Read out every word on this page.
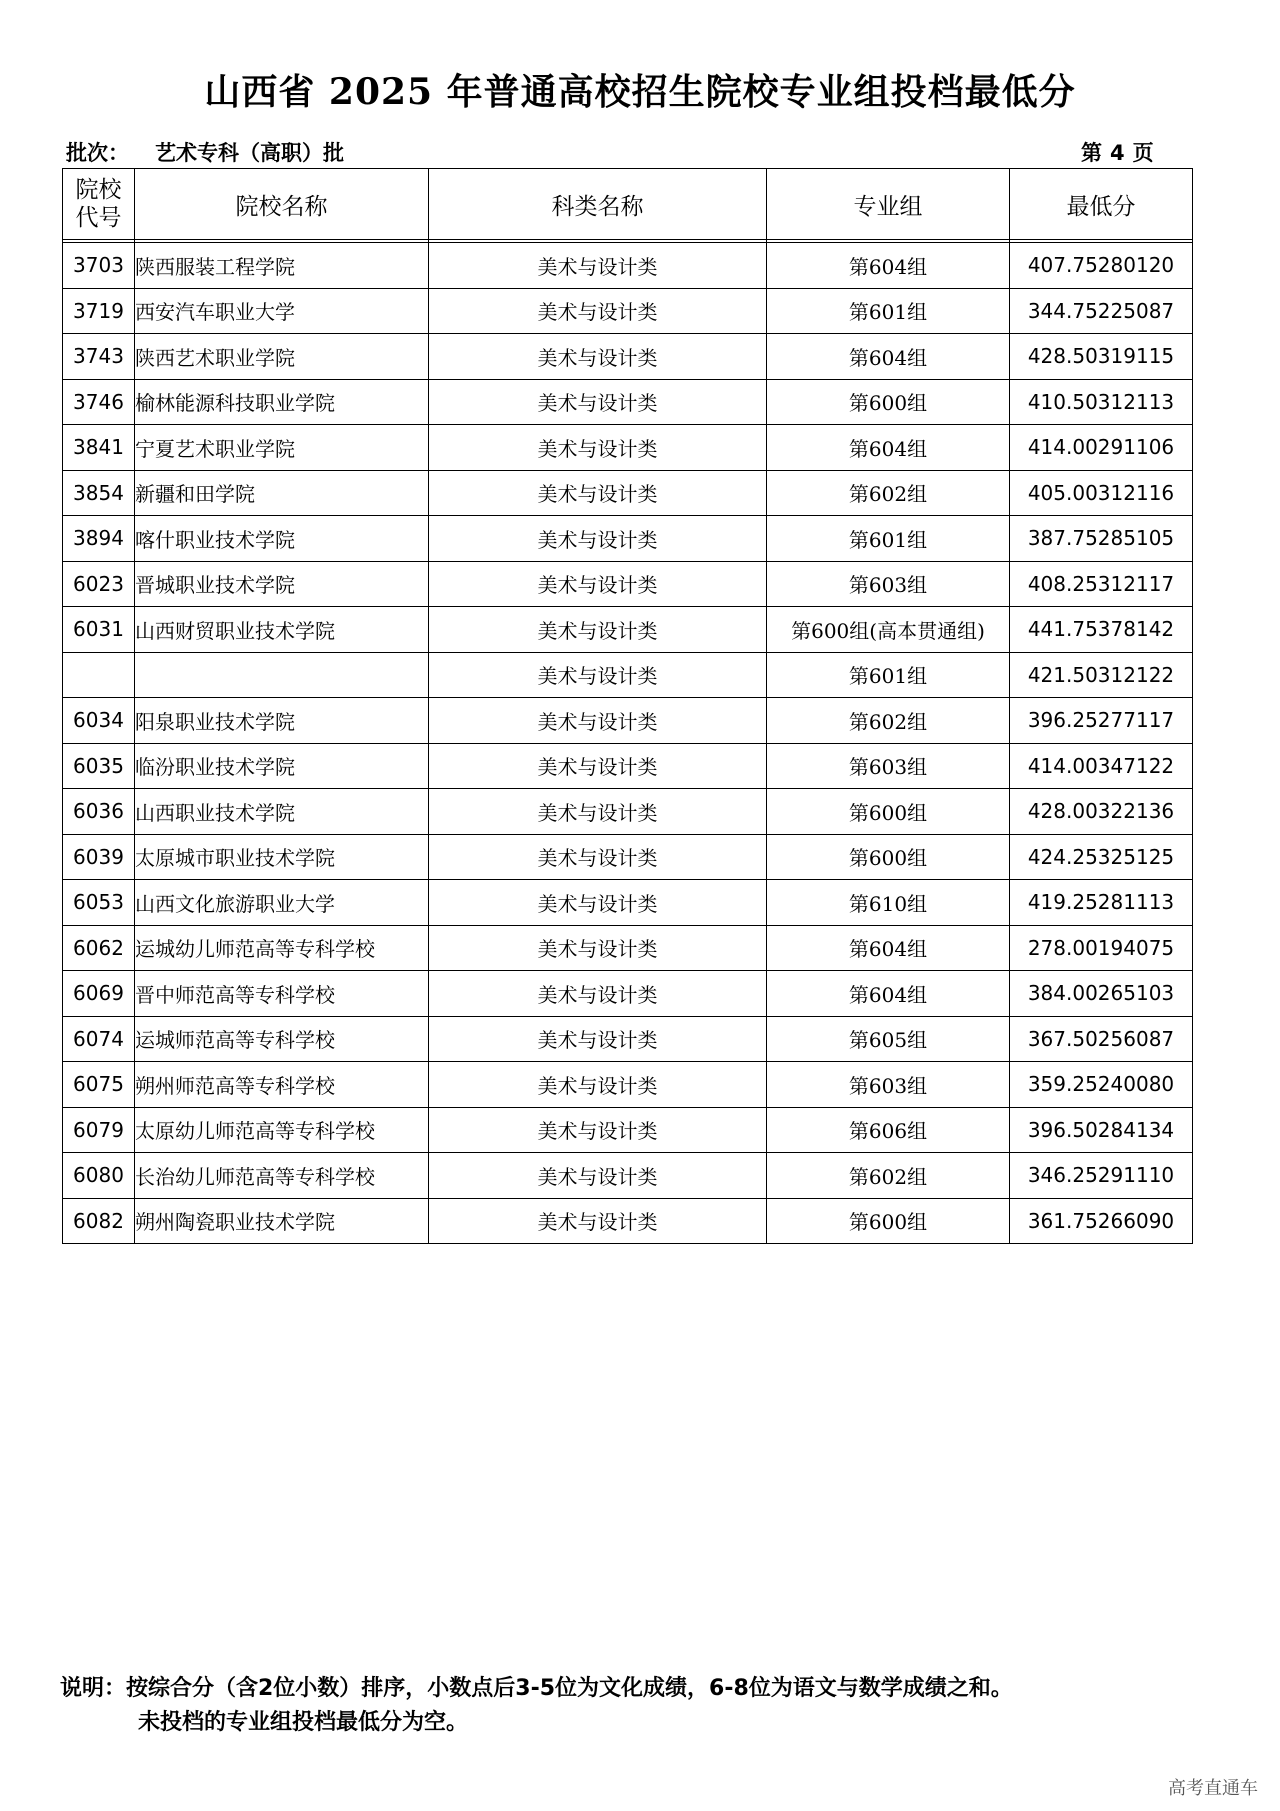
山西省 2025 年普通高校招生院校专业组投档最低分
批次： 艺术专科（高职）批	第 4 页
院校
代号	院校名称	科类名称	专业组	最低分

3703	陕西服装工程学院	美术与设计类	第604组	407.75280120
3719	西安汽车职业大学	美术与设计类	第601组	344.75225087
3743	陕西艺术职业学院	美术与设计类	第604组	428.50319115
3746	榆林能源科技职业学院	美术与设计类	第600组	410.50312113
3841	宁夏艺术职业学院	美术与设计类	第604组	414.00291106
3854	新疆和田学院	美术与设计类	第602组	405.00312116
3894	喀什职业技术学院	美术与设计类	第601组	387.75285105
6023	晋城职业技术学院	美术与设计类	第603组	408.25312117
6031	山西财贸职业技术学院	美术与设计类	第600组(高本贯通组)	441.75378142
		美术与设计类	第601组	421.50312122
6034	阳泉职业技术学院	美术与设计类	第602组	396.25277117
6035	临汾职业技术学院	美术与设计类	第603组	414.00347122
6036	山西职业技术学院	美术与设计类	第600组	428.00322136
6039	太原城市职业技术学院	美术与设计类	第600组	424.25325125
6053	山西文化旅游职业大学	美术与设计类	第610组	419.25281113
6062	运城幼儿师范高等专科学校	美术与设计类	第604组	278.00194075
6069	晋中师范高等专科学校	美术与设计类	第604组	384.00265103
6074	运城师范高等专科学校	美术与设计类	第605组	367.50256087
6075	朔州师范高等专科学校	美术与设计类	第603组	359.25240080
6079	太原幼儿师范高等专科学校	美术与设计类	第606组	396.50284134
6080	长治幼儿师范高等专科学校	美术与设计类	第602组	346.25291110
6082	朔州陶瓷职业技术学院	美术与设计类	第600组	361.75266090
说明：按综合分（含2位小数）排序，小数点后3-5位为文化成绩，6-8位为语文与数学成绩之和。
未投档的专业组投档最低分为空。
高考直通车
